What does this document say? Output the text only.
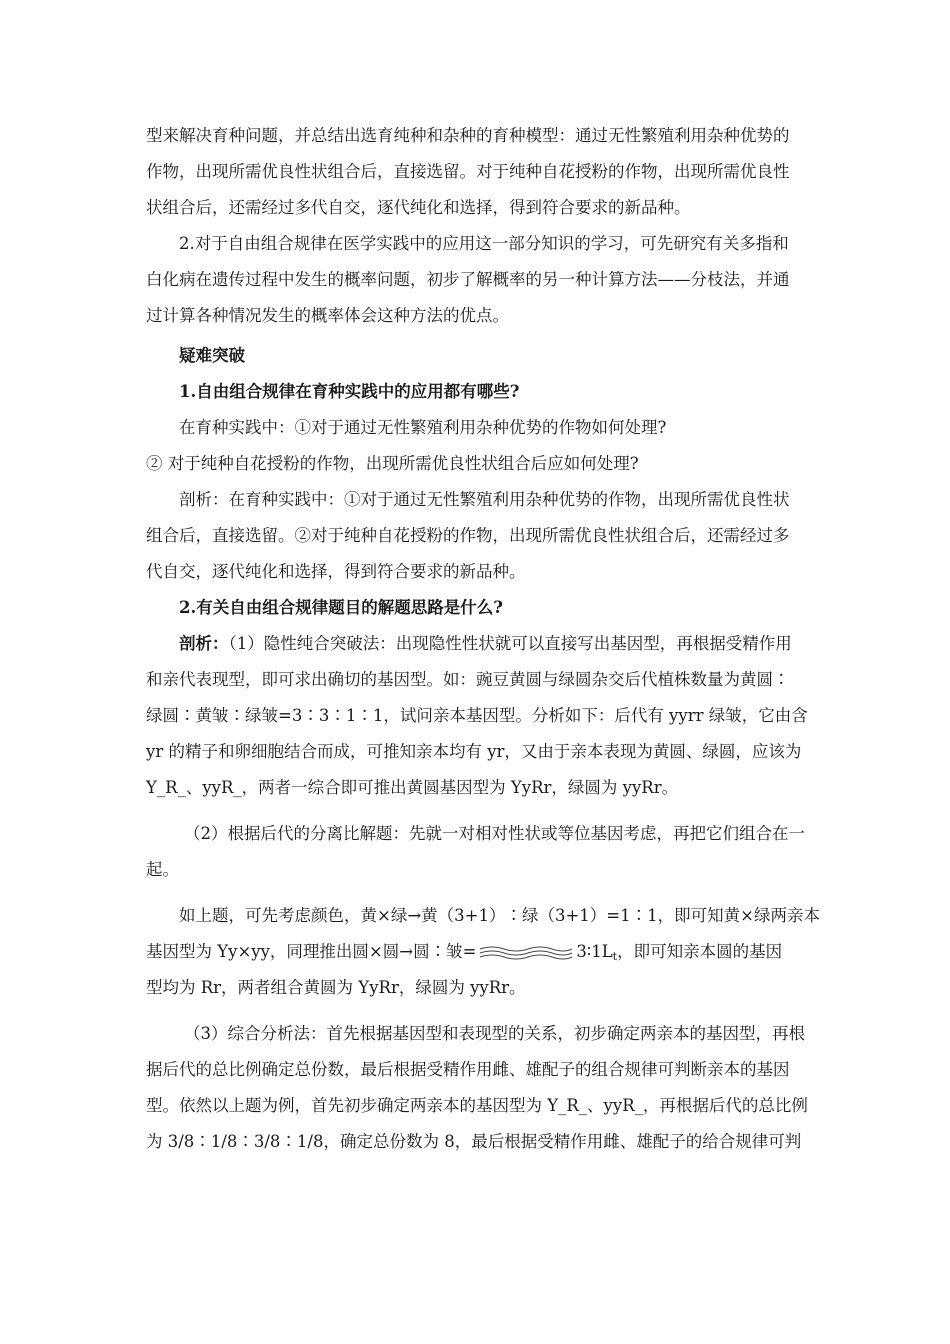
型来解决育种问题，并总结出选育纯种和杂种的育种模型：通过无性繁殖利用杂种优势的
作物，出现所需优良性状组合后，直接选留。对于纯种自花授粉的作物，出现所需优良性
状组合后，还需经过多代自交，逐代纯化和选择，得到符合要求的新品种。
2.对于自由组合规律在医学实践中的应用这一部分知识的学习，可先研究有关多指和
白化病在遗传过程中发生的概率问题，初步了解概率的另一种计算方法——分枝法，并通
过计算各种情况发生的概率体会这种方法的优点。
疑难突破
1.自由组合规律在育种实践中的应用都有哪些?
在育种实践中：①对于通过无性繁殖利用杂种优势的作物如何处理?
② 对于纯种自花授粉的作物，出现所需优良性状组合后应如何处理?
剖析：在育种实践中：①对于通过无性繁殖利用杂种优势的作物，出现所需优良性状
组合后，直接选留。②对于纯种自花授粉的作物，出现所需优良性状组合后，还需经过多
代自交，逐代纯化和选择，得到符合要求的新品种。
2.有关自由组合规律题目的解题思路是什么?
剖析：（1）隐性纯合突破法：出现隐性性状就可以直接写出基因型，再根据受精作用
和亲代表现型，即可求出确切的基因型。如：豌豆黄圆与绿圆杂交后代植株数量为黄圆∶
绿圆∶黄皱∶绿皱=3∶3∶1∶1，试问亲本基因型。分析如下：后代有 yyrr 绿皱，它由含
yr 的精子和卵细胞结合而成，可推知亲本均有 yr，又由于亲本表现为黄圆、绿圆，应该为
Y_R_、yyR_，两者一综合即可推出黄圆基因型为 YyRr，绿圆为 yyRr。
（2）根据后代的分离比解题：先就一对相对性状或等位基因考虑，再把它们组合在一
起。
如上题，可先考虑颜色，黄×绿→黄（3+1）∶绿（3+1）=1∶1，即可知黄×绿两亲本
基因型为 Yy×yy，同理推出圆×圆→圆∶皱=	$3∶1L_t$，即可知亲本圆的基因
型均为 Rr，两者组合黄圆为 YyRr，绿圆为 yyRr。
（3）综合分析法：首先根据基因型和表现型的关系，初步确定两亲本的基因型，再根
据后代的总比例确定总份数，最后根据受精作用雌、雄配子的组合规律可判断亲本的基因
型。依然以上题为例，首先初步确定两亲本的基因型为 Y_R_、yyR_，再根据后代的总比例
为 3/8∶1/8∶3/8∶1/8，确定总份数为 8，最后根据受精作用雌、雄配子的给合规律可判
